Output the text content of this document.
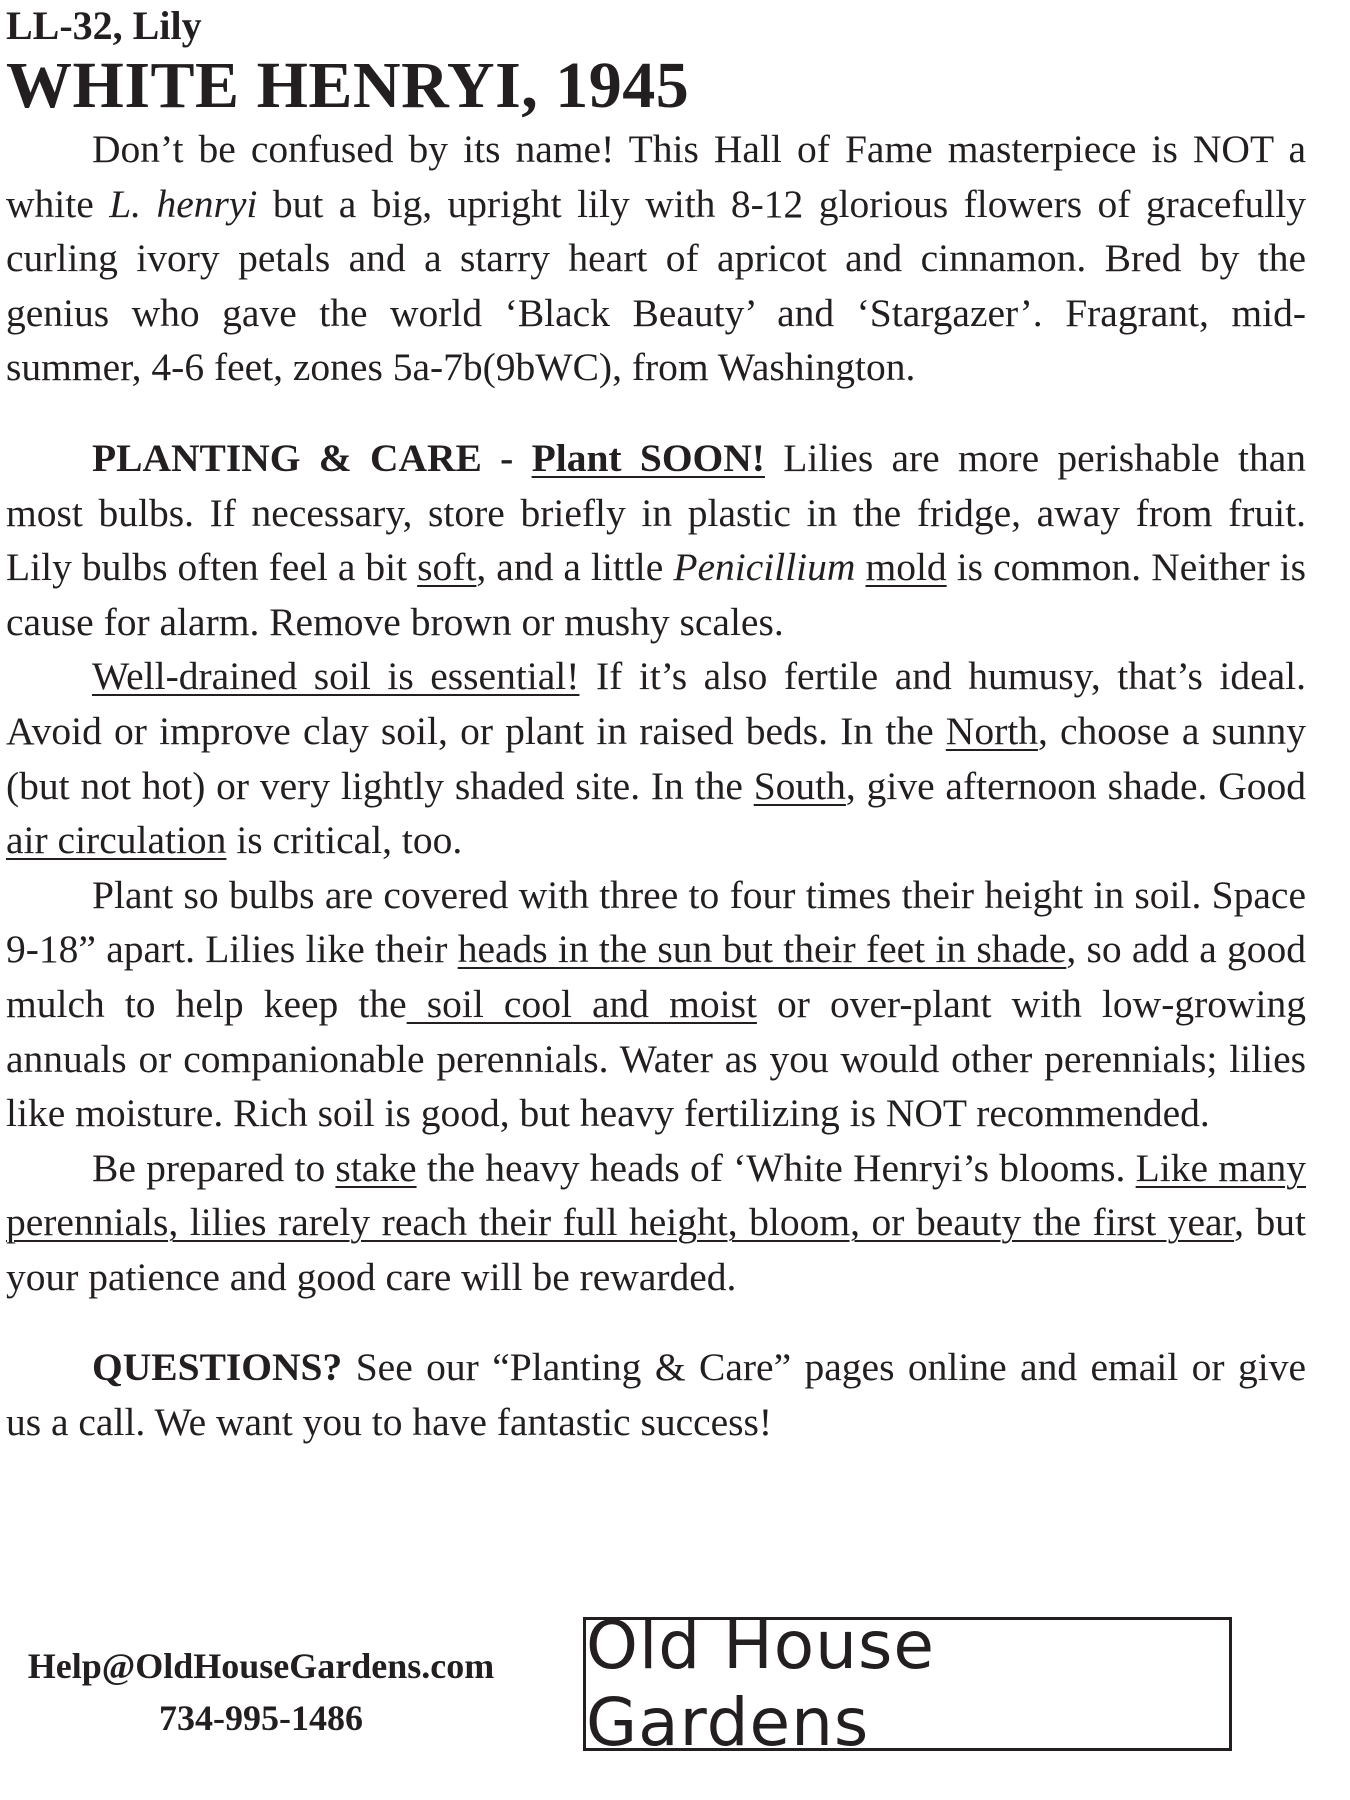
LL-32, Lily

WHITE HENRYI, 1945

Don’t be confused by its name! This Hall of Fame masterpiece is NOT a white L. henryi but a big, upright lily with 8-12 glorious flowers of gracefully curling ivory petals and a starry heart of apricot and cinnamon. Bred by the genius who gave the world ‘Black Beauty’ and ‘Stargazer’. Fragrant, mid-summer, 4-6 feet, zones 5a-7b(9bWC), from Washington.

PLANTING & CARE - Plant SOON! Lilies are more perishable than most bulbs. If necessary, store briefly in plastic in the fridge, away from fruit. Lily bulbs often feel a bit soft, and a little Penicillium mold is common. Neither is cause for alarm. Remove brown or mushy scales.

Well-drained soil is essential! If it’s also fertile and humusy, that’s ideal. Avoid or improve clay soil, or plant in raised beds. In the North, choose a sunny (but not hot) or very lightly shaded site. In the South, give afternoon shade. Good air circulation is critical, too.

Plant so bulbs are covered with three to four times their height in soil. Space 9-18” apart. Lilies like their heads in the sun but their feet in shade, so add a good mulch to help keep the soil cool and moist or over-plant with low-growing annuals or companionable perennials. Water as you would other perennials; lilies like moisture. Rich soil is good, but heavy fertilizing is NOT recommended.

Be prepared to stake the heavy heads of ‘White Henryi’s blooms. Like many perennials, lilies rarely reach their full height, bloom, or beauty the first year, but your patience and good care will be rewarded.

QUESTIONS? See our “Planting & Care” pages online and email or give us a call. We want you to have fantastic success!

Help@OldHouseGardens.com
734-995-1486
Old House Gardens
